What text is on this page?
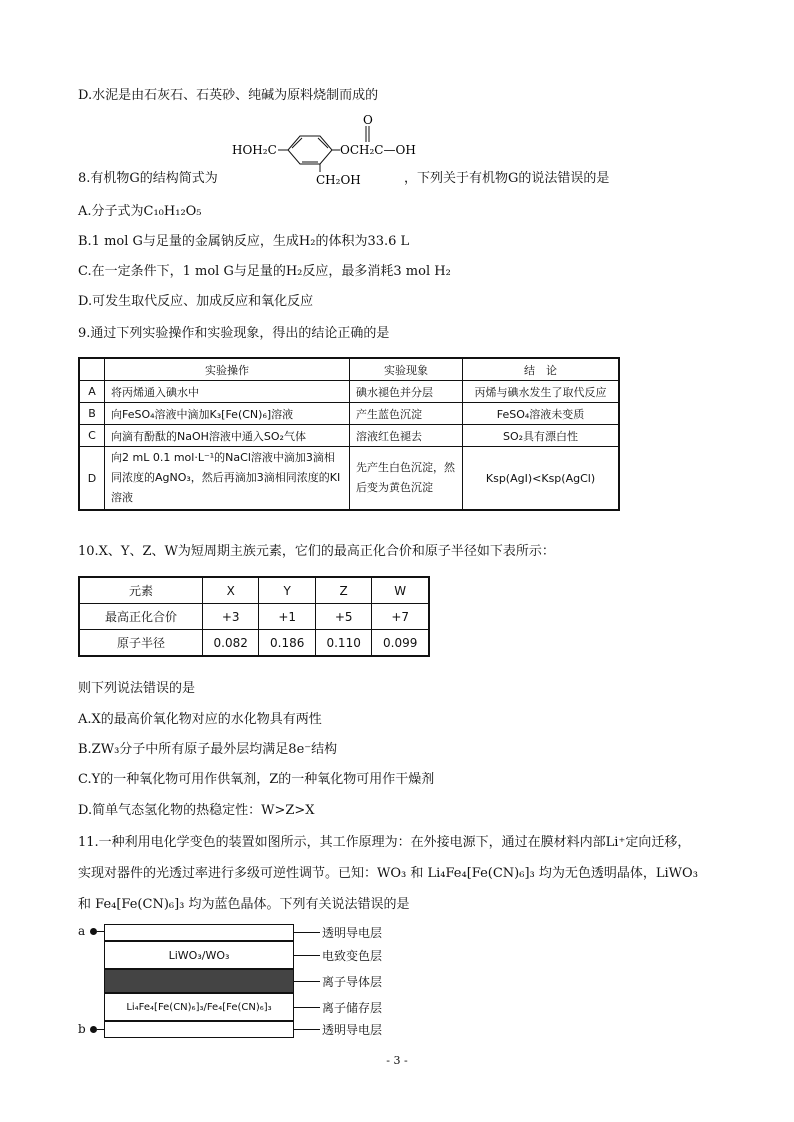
D.水泥是由石灰石、石英砂、纯碱为原料烧制而成的
HOH₂C	OCH₂C—OH
O
CH₂OH
8.有机物G的结构简式为	，下列关于有机物G的说法错误的是
A.分子式为C₁₀H₁₂O₅
B.1 mol G与足量的金属钠反应，生成H₂的体积为33.6 L
C.在一定条件下，1 mol G与足量的H₂反应，最多消耗3 mol H₂
D.可发生取代反应、加成反应和氧化反应
9.通过下列实验操作和实验现象，得出的结论正确的是
	实验操作	实验现象	结　论
A	将丙烯通入碘水中	碘水褪色并分层	丙烯与碘水发生了取代反应
B	向FeSO₄溶液中滴加K₃[Fe(CN)₆]溶液	产生蓝色沉淀	FeSO₄溶液未变质
C	向滴有酚酞的NaOH溶液中通入SO₂气体	溶液红色褪去	SO₂具有漂白性
D	向2 mL 0.1 mol·L⁻¹的NaCl溶液中滴加3滴相同浓度的AgNO₃，然后再滴加3滴相同浓度的KI溶液	先产生白色沉淀，然后变为黄色沉淀	Ksp(AgI)<Ksp(AgCl)
10.X、Y、Z、W为短周期主族元素，它们的最高正化合价和原子半径如下表所示：
元素	X	Y	Z	W
最高正化合价	+3	+1	+5	+7
原子半径	0.082	0.186	0.110	0.099
则下列说法错误的是
A.X的最高价氧化物对应的水化物具有两性
B.ZW₃分子中所有原子最外层均满足8e⁻结构
C.Y的一种氧化物可用作供氧剂，Z的一种氧化物可用作干燥剂
D.简单气态氢化物的热稳定性：W>Z>X
11.一种利用电化学变色的装置如图所示，其工作原理为：在外接电源下，通过在膜材料内部Li⁺定向迁移，
实现对器件的光透过率进行多级可逆性调节。已知：WO₃ 和 Li₄Fe₄[Fe(CN)₆]₃ 均为无色透明晶体，LiWO₃
和 Fe₄[Fe(CN)₆]₃ 均为蓝色晶体。下列有关说法错误的是
a
LiWO₃/WO₃
Li₄Fe₄[Fe(CN)₆]₃/Fe₄[Fe(CN)₆]₃
b
透明导电层
电致变色层
离子导体层
离子储存层
透明导电层
- 3 -
